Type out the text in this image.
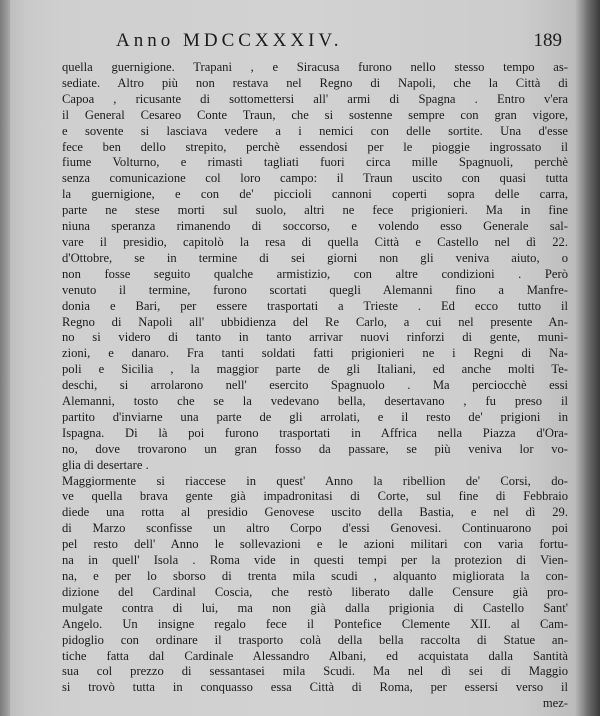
Anno MDCCXXXIV.	189
quella guernigione. Trapani , e Siracusa furono nello stesso tempo as-
sediate. Altro più non restava nel Regno di Napoli, che la Città di
Capoa , ricusante di sottomettersi all' armi di Spagna . Entro v'era
il General Cesareo Conte Traun, che si sostenne sempre con gran vigore,
e sovente si lasciava vedere a i nemici con delle sortite. Una d'esse
fece ben dello strepito, perchè essendosi per le pioggie ingrossato il
fiume Volturno, e rimasti tagliati fuori circa mille Spagnuoli, perchè
senza comunicazione col loro campo: il Traun uscito con quasi tutta
la guernigione, e con de' piccioli cannoni coperti sopra delle carra,
parte ne stese morti sul suolo, altri ne fece prigionieri. Ma in fine
niuna speranza rimanendo di soccorso, e volendo esso Generale sal-
vare il presidio, capitolò la resa di quella Città e Castello nel dì 22.
d'Ottobre, se in termine di sei giorni non gli veniva aiuto, o
non fosse seguito qualche armistizio, con altre condizioni . Però
venuto il termine, furono scortati quegli Alemanni fino a Manfre-
donia e Bari, per essere trasportati a Trieste . Ed ecco tutto il
Regno di Napoli all' ubbidienza del Re Carlo, a cui nel presente An-
no si videro di tanto in tanto arrivar nuovi rinforzi di gente, muni-
zioni, e danaro. Fra tanti soldati fatti prigionieri ne i Regni di Na-
poli e Sicilia , la maggior parte de gli Italiani, ed anche molti Te-
deschi, si arrolarono nell' esercito Spagnuolo . Ma perciocchè essi
Alemanni, tosto che se la vedevano bella, desertavano , fu preso il
partito d'inviarne una parte de gli arrolati, e il resto de' prigioni in
Ispagna. Di là poi furono trasportati in Affrica nella Piazza d'Ora-
no, dove trovarono un gran fosso da passare, se più veniva lor vo-
glia di desertare .
Maggiormente si riaccese in quest' Anno la ribellion de' Corsi, do-
ve quella brava gente già impadronitasi di Corte, sul fine di Febbraio
diede una rotta al presidio Genovese uscito della Bastia, e nel dì 29.
di Marzo sconfisse un altro Corpo d'essi Genovesi. Continuarono poi
pel resto dell' Anno le sollevazioni e le azioni militari con varia fortu-
na in quell' Isola . Roma vide in questi tempi per la protezion di Vien-
na, e per lo sborso di trenta mila scudi , alquanto migliorata la con-
dizione del Cardinal Coscia, che restò liberato dalle Censure già pro-
mulgate contra di lui, ma non già dalla prigionia di Castello Sant'
Angelo. Un insigne regalo fece il Pontefice Clemente XII. al Cam-
pidoglio con ordinare il trasporto colà della bella raccolta di Statue an-
tiche fatta dal Cardinale Alessandro Albani, ed acquistata dalla Santità
sua col prezzo di sessantasei mila Scudi. Ma nel dì sei di Maggio
si trovò tutta in conquasso essa Città di Roma, per essersi verso il
mez-
